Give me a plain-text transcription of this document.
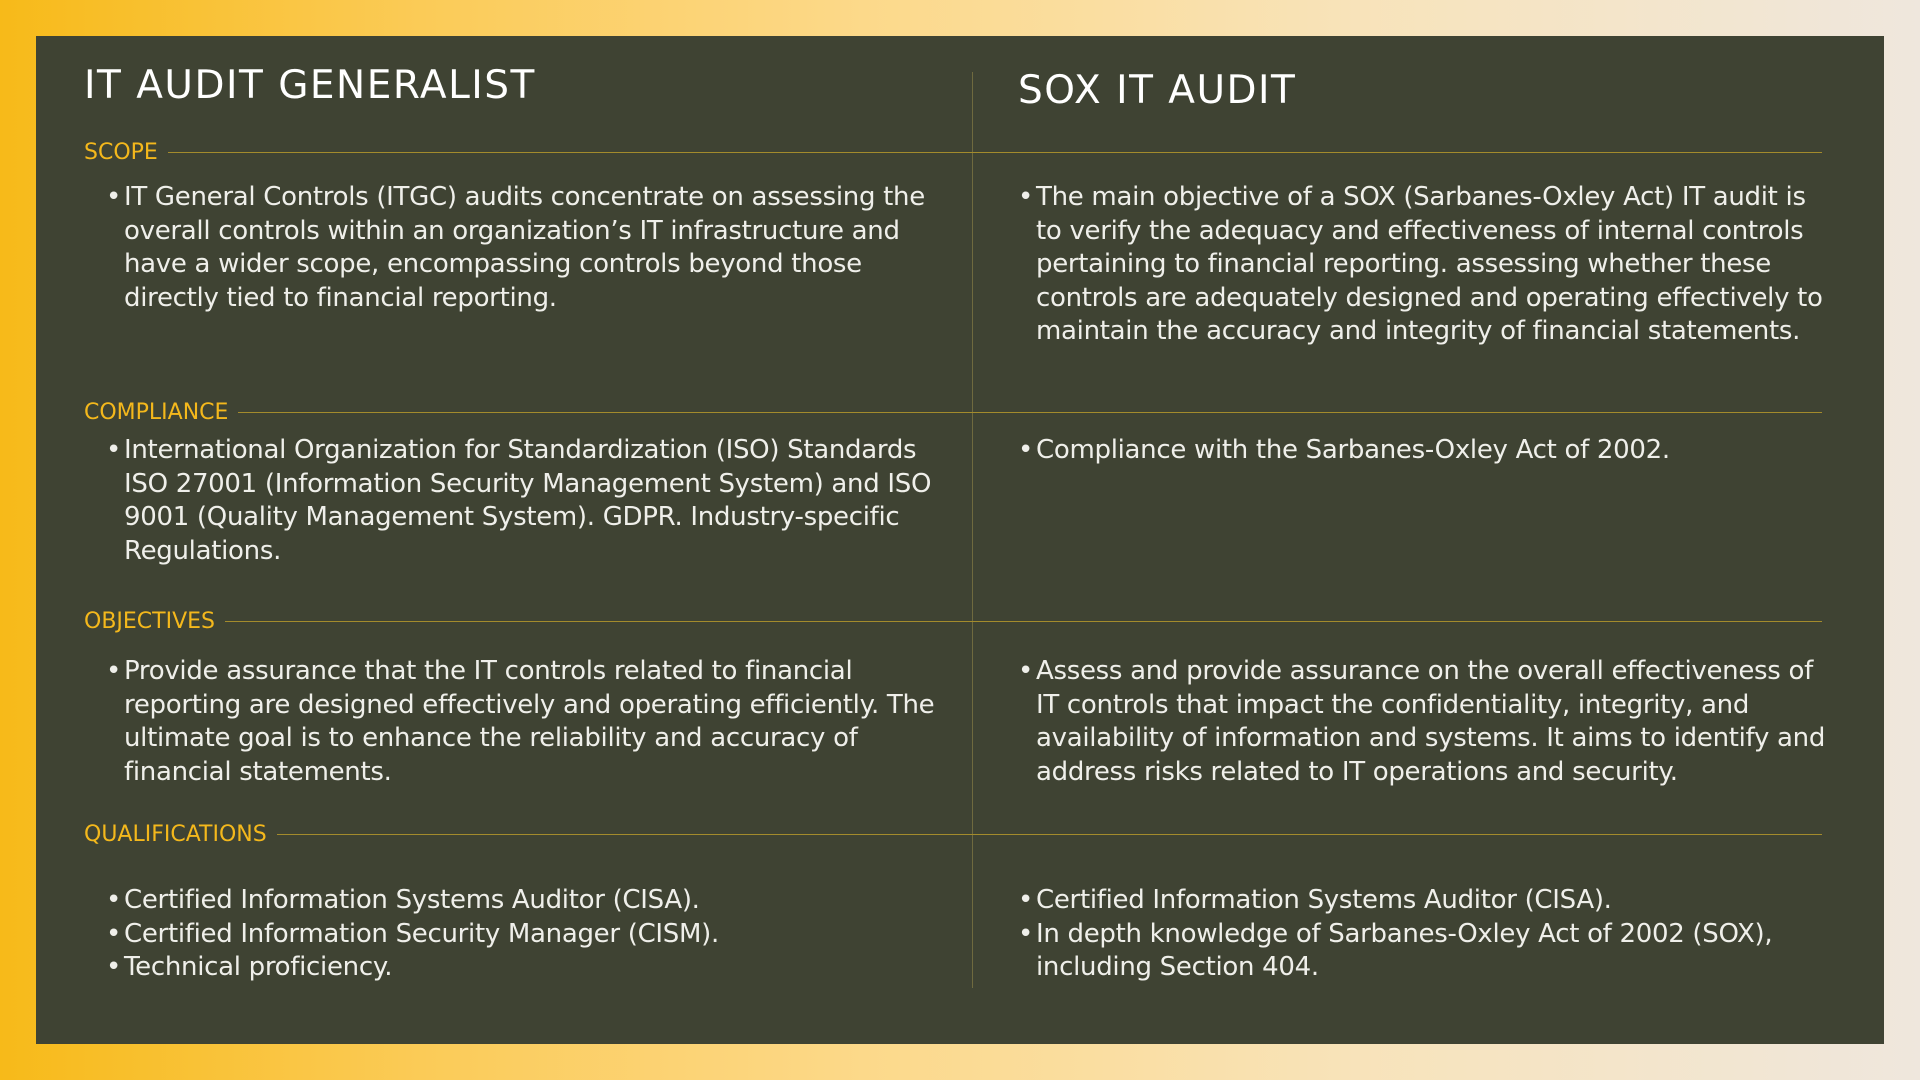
IT AUDIT GENERALIST	SOX IT AUDIT
SCOPE
• IT General Controls (ITGC) audits concentrate on assessing the overall controls within an organization’s IT infrastructure and have a wider scope, encompassing controls beyond those directly tied to financial reporting.
• The main objective of a SOX (Sarbanes-Oxley Act) IT audit is to verify the adequacy and effectiveness of internal controls pertaining to financial reporting. assessing whether these controls are adequately designed and operating effectively to maintain the accuracy and integrity of financial statements.
COMPLIANCE
• International Organization for Standardization (ISO) Standards ISO 27001 (Information Security Management System) and ISO 9001 (Quality Management System). GDPR. Industry-specific Regulations.
• Compliance with the Sarbanes-Oxley Act of 2002.
OBJECTIVES
• Provide assurance that the IT controls related to financial reporting are designed effectively and operating efficiently. The ultimate goal is to enhance the reliability and accuracy of financial statements.
• Assess and provide assurance on the overall effectiveness of IT controls that impact the confidentiality, integrity, and availability of information and systems. It aims to identify and address risks related to IT operations and security.
QUALIFICATIONS
• Certified Information Systems Auditor (CISA).
• Certified Information Security Manager (CISM).
• Technical proficiency.
• Certified Information Systems Auditor (CISA).
• In depth knowledge of Sarbanes-Oxley Act of 2002 (SOX), including Section 404.
